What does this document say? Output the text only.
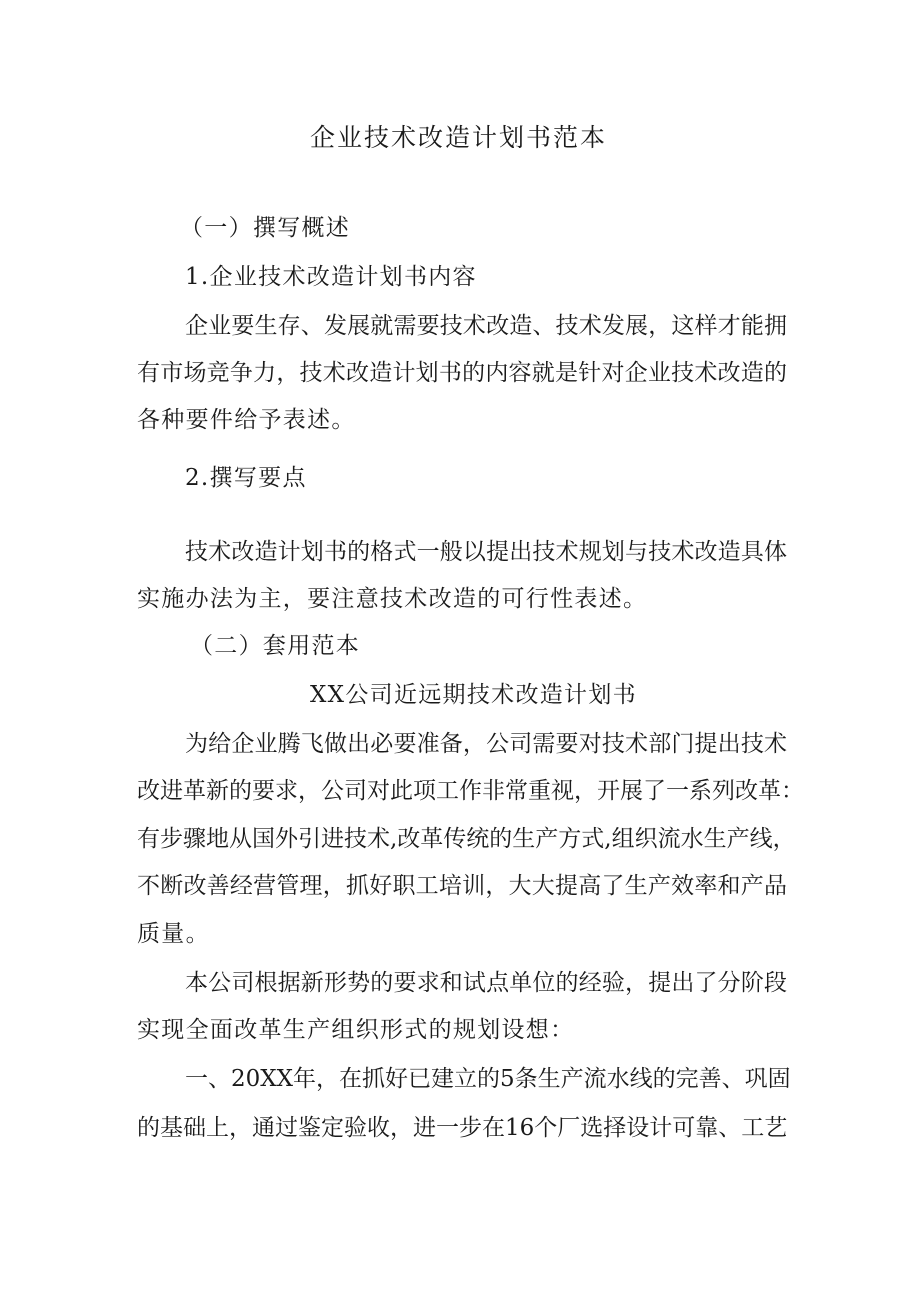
企业技术改造计划书范本
（一）撰写概述
1.企业技术改造计划书内容
企业要生存、发展就需要技术改造、技术发展，这样才能拥
有市场竞争力，技术改造计划书的内容就是针对企业技术改造的
各种要件给予表述。
2.撰写要点
技术改造计划书的格式一般以提出技术规划与技术改造具体
实施办法为主，要注意技术改造的可行性表述。
（二）套用范本
XX公司近远期技术改造计划书
为给企业腾飞做出必要准备，公司需要对技术部门提出技术
改进革新的要求，公司对此项工作非常重视，开展了一系列改革：
有步骤地从国外引进技术,改革传统的生产方式,组织流水生产线，
不断改善经营管理，抓好职工培训，大大提高了生产效率和产品
质量。
本公司根据新形势的要求和试点单位的经验，提出了分阶段
实现全面改革生产组织形式的规划设想：
一、20XX年，在抓好已建立的5条生产流水线的完善、巩固
的基础上，通过鉴定验收，进一步在16个厂选择设计可靠、工艺
